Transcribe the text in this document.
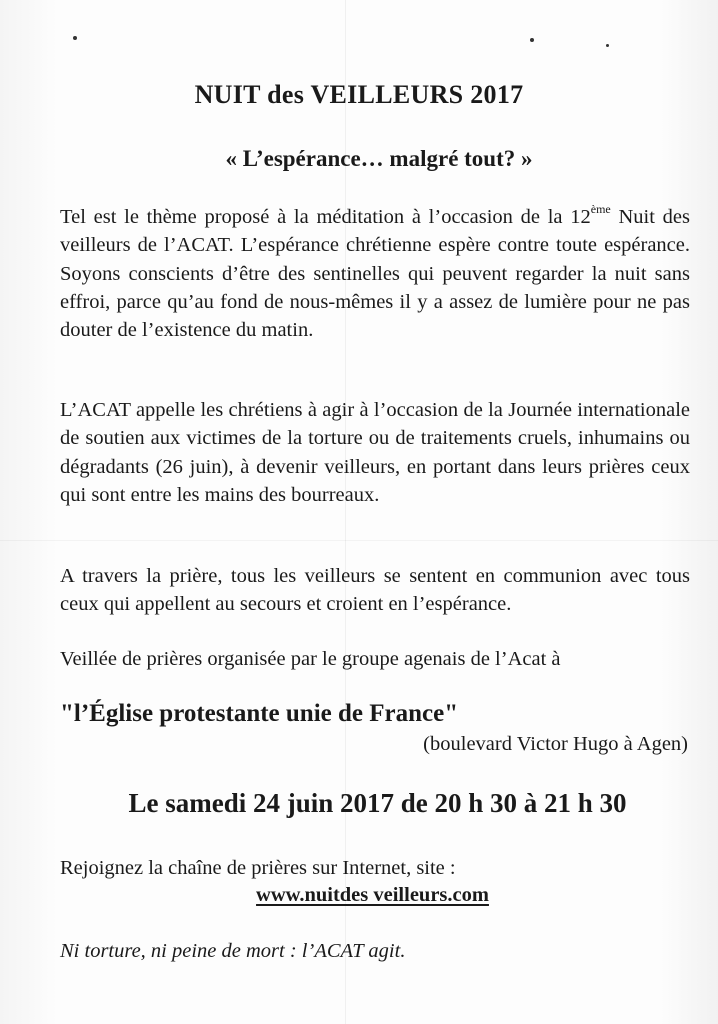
NUIT des VEILLEURS 2017
« L’espérance… malgré tout? »
Tel est le thème proposé à la méditation à l’occasion de la 12ème Nuit des veilleurs de l’ACAT. L’espérance chrétienne espère contre toute espérance. Soyons conscients d’être des sentinelles qui peuvent regarder la nuit sans effroi, parce qu’au fond de nous-mêmes il y a assez de lumière pour ne pas douter de l’existence du matin.
L’ACAT appelle les chrétiens à agir à l’occasion de la Journée internationale de soutien aux victimes de la torture ou de traitements cruels, inhumains ou dégradants (26 juin), à devenir veilleurs, en portant dans leurs prières ceux qui sont entre les mains des bourreaux.
A travers la prière, tous les veilleurs se sentent en communion avec tous ceux qui appellent au secours et croient en l’espérance.
Veillée de prières organisée par le groupe agenais de l’Acat à
"l’Église protestante unie de France"
(boulevard Victor Hugo à Agen)
Le samedi 24 juin 2017 de 20 h 30 à 21 h 30
Rejoignez la chaîne de prières sur Internet, site :
www.nuitdes veilleurs.com
Ni torture, ni peine de mort : l’ACAT agit.
